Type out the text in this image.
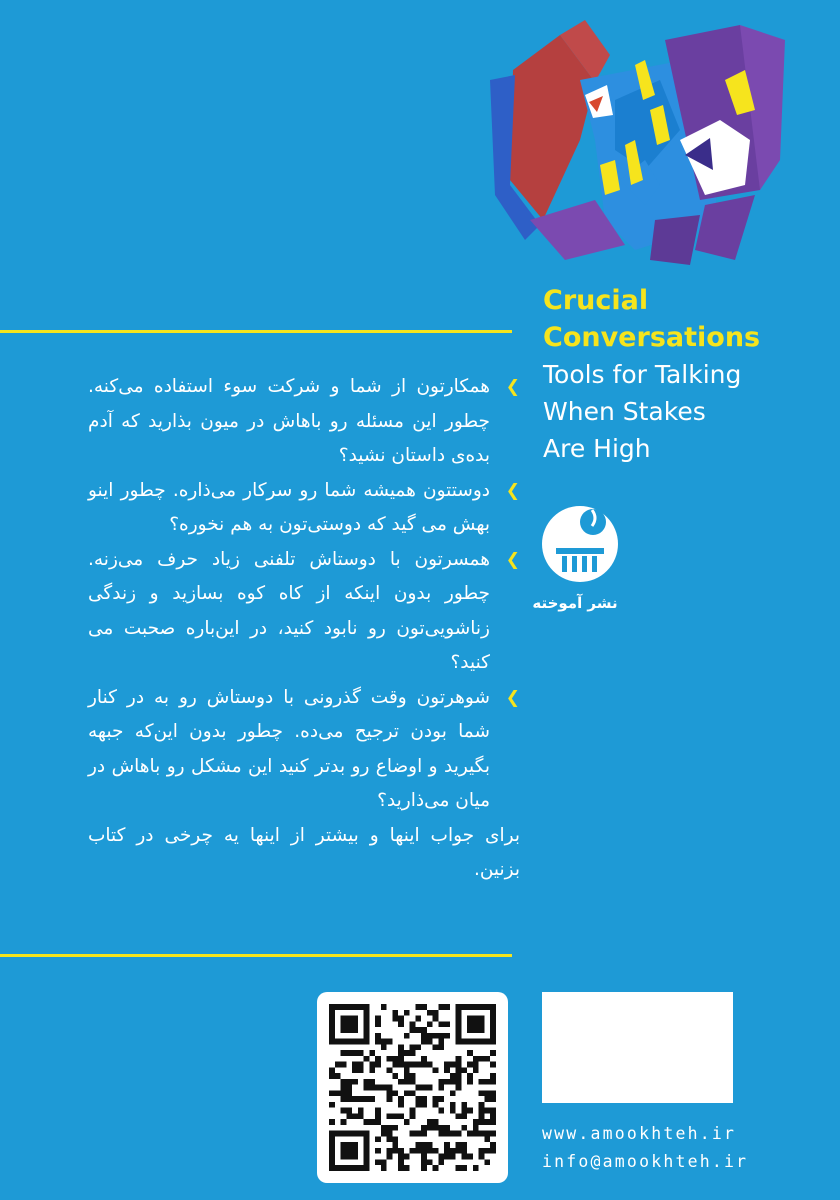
Crucial
Conversations
Tools for Talking
When Stakes
Are High
❯
همکارتون از شما و شرکت سوء استفاده می‌کنه. چطور این مسئله رو باهاش در میون بذارید که آدم بده‌ی داستان نشید؟
❯
دوستتون همیشه شما رو سرکار می‌ذاره. چطور اینو بهش می گید که دوستی‌تون به هم نخوره؟
❯
همسرتون با دوستاش تلفنی زیاد حرف می‌زنه. چطور بدون اینکه از کاه کوه بسازید و زندگی زناشویی‌تون رو نابود کنید، در این‌باره صحبت می کنید؟
❯
شوهرتون وقت گذرونی با دوستاش رو به در کنار شما بودن ترجیح می‌ده. چطور بدون این‌که جبهه بگیرید و اوضاع رو بدتر کنید این مشکل رو باهاش در میان می‌ذارید؟
برای جواب اینها و بیشتر از اینها یه چرخی در کتاب بزنین.
نشر آموخته
www.amookhteh.ir
info@amookhteh.ir
